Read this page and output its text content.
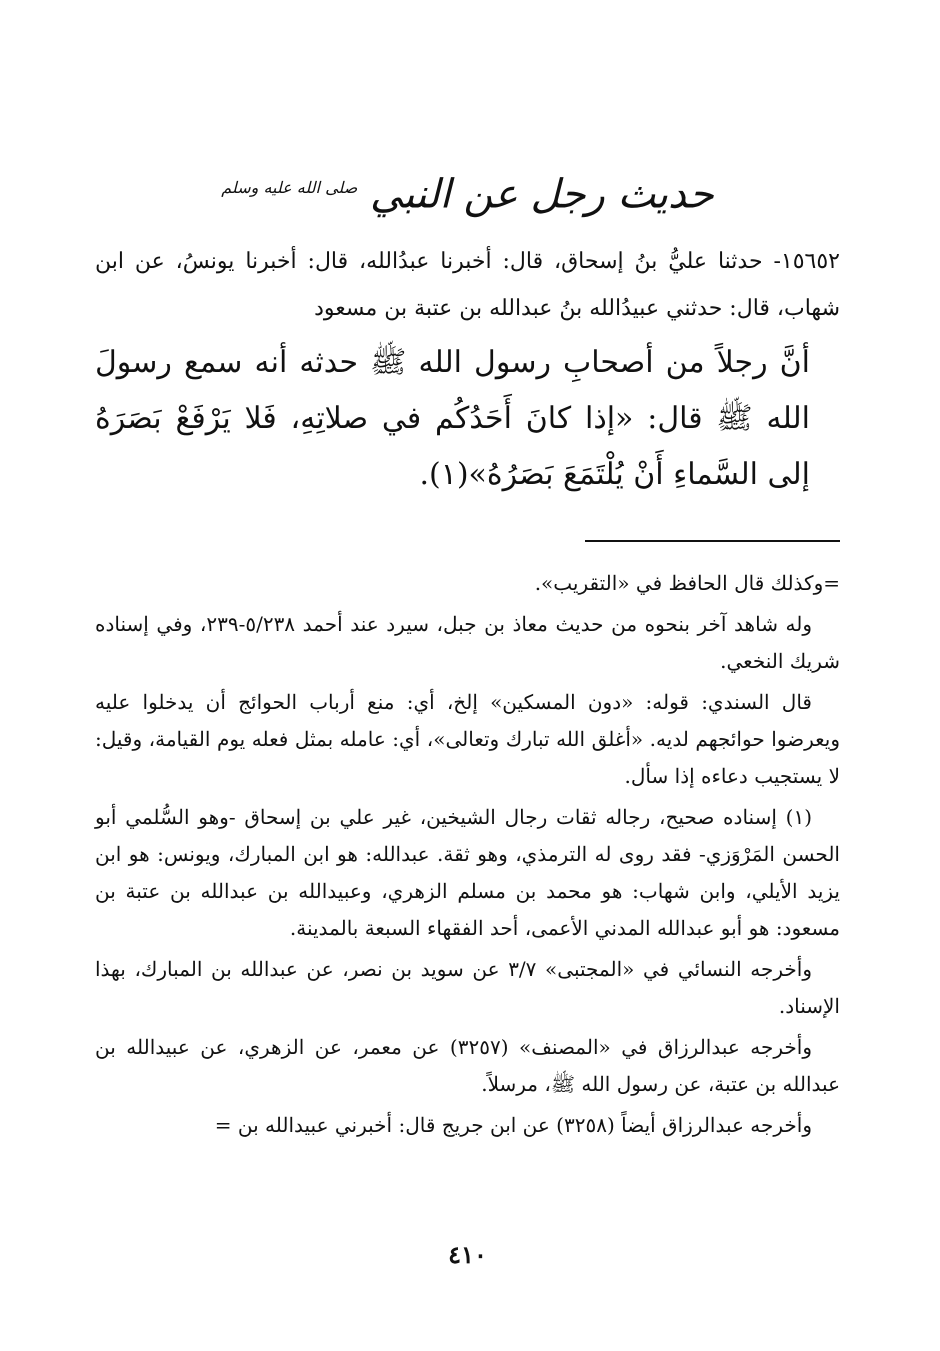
حديث رجل عن النبي $^{صلى الله عليه وسلم}$

١٥٦٥٢- حدثنا عليُّ بنُ إسحاق، قال: أخبرنا عبدُالله، قال: أخبرنا يونسُ، عن ابن شهاب، قال: حدثني عبيدُالله بنُ عبدالله بن عتبة بن مسعود

أنَّ رجلاً من أصحابِ رسول الله ﷺ حدثه أنه سمع رسولَ الله ﷺ قال: «إذا كانَ أَحَدُكُم في صلاتِهِ، فَلا يَرْفَعْ بَصَرَهُ إلى السَّماءِ أَنْ يُلْتَمَعَ بَصَرُهُ»(١).

=وكذلك قال الحافظ في «التقريب».

وله شاهد آخر بنحوه من حديث معاذ بن جبل، سيرد عند أحمد ٥/٢٣٨-٢٣٩، وفي إسناده شريك النخعي.

قال السندي: قوله: «دون المسكين» إلخ، أي: منع أرباب الحوائج أن يدخلوا عليه ويعرضوا حوائجهم لديه. «أغلق الله تبارك وتعالى»، أي: عامله بمثل فعله يوم القيامة، وقيل: لا يستجيب دعاءه إذا سأل.

(١) إسناده صحيح، رجاله ثقات رجال الشيخين، غير علي بن إسحاق -وهو السُّلمي أبو الحسن المَرْوَزي- فقد روى له الترمذي، وهو ثقة. عبدالله: هو ابن المبارك، ويونس: هو ابن يزيد الأيلي، وابن شهاب: هو محمد بن مسلم الزهري، وعبيدالله بن عبدالله بن عتبة بن مسعود: هو أبو عبدالله المدني الأعمى، أحد الفقهاء السبعة بالمدينة.

وأخرجه النسائي في «المجتبى» ٣/٧ عن سويد بن نصر، عن عبدالله بن المبارك، بهذا الإسناد.

وأخرجه عبدالرزاق في «المصنف» (٣٢٥٧) عن معمر، عن الزهري، عن عبيدالله بن عبدالله بن عتبة، عن رسول الله ﷺ، مرسلاً.

وأخرجه عبدالرزاق أيضاً (٣٢٥٨) عن ابن جريج قال: أخبرني عبيدالله بن =

٤١٠
